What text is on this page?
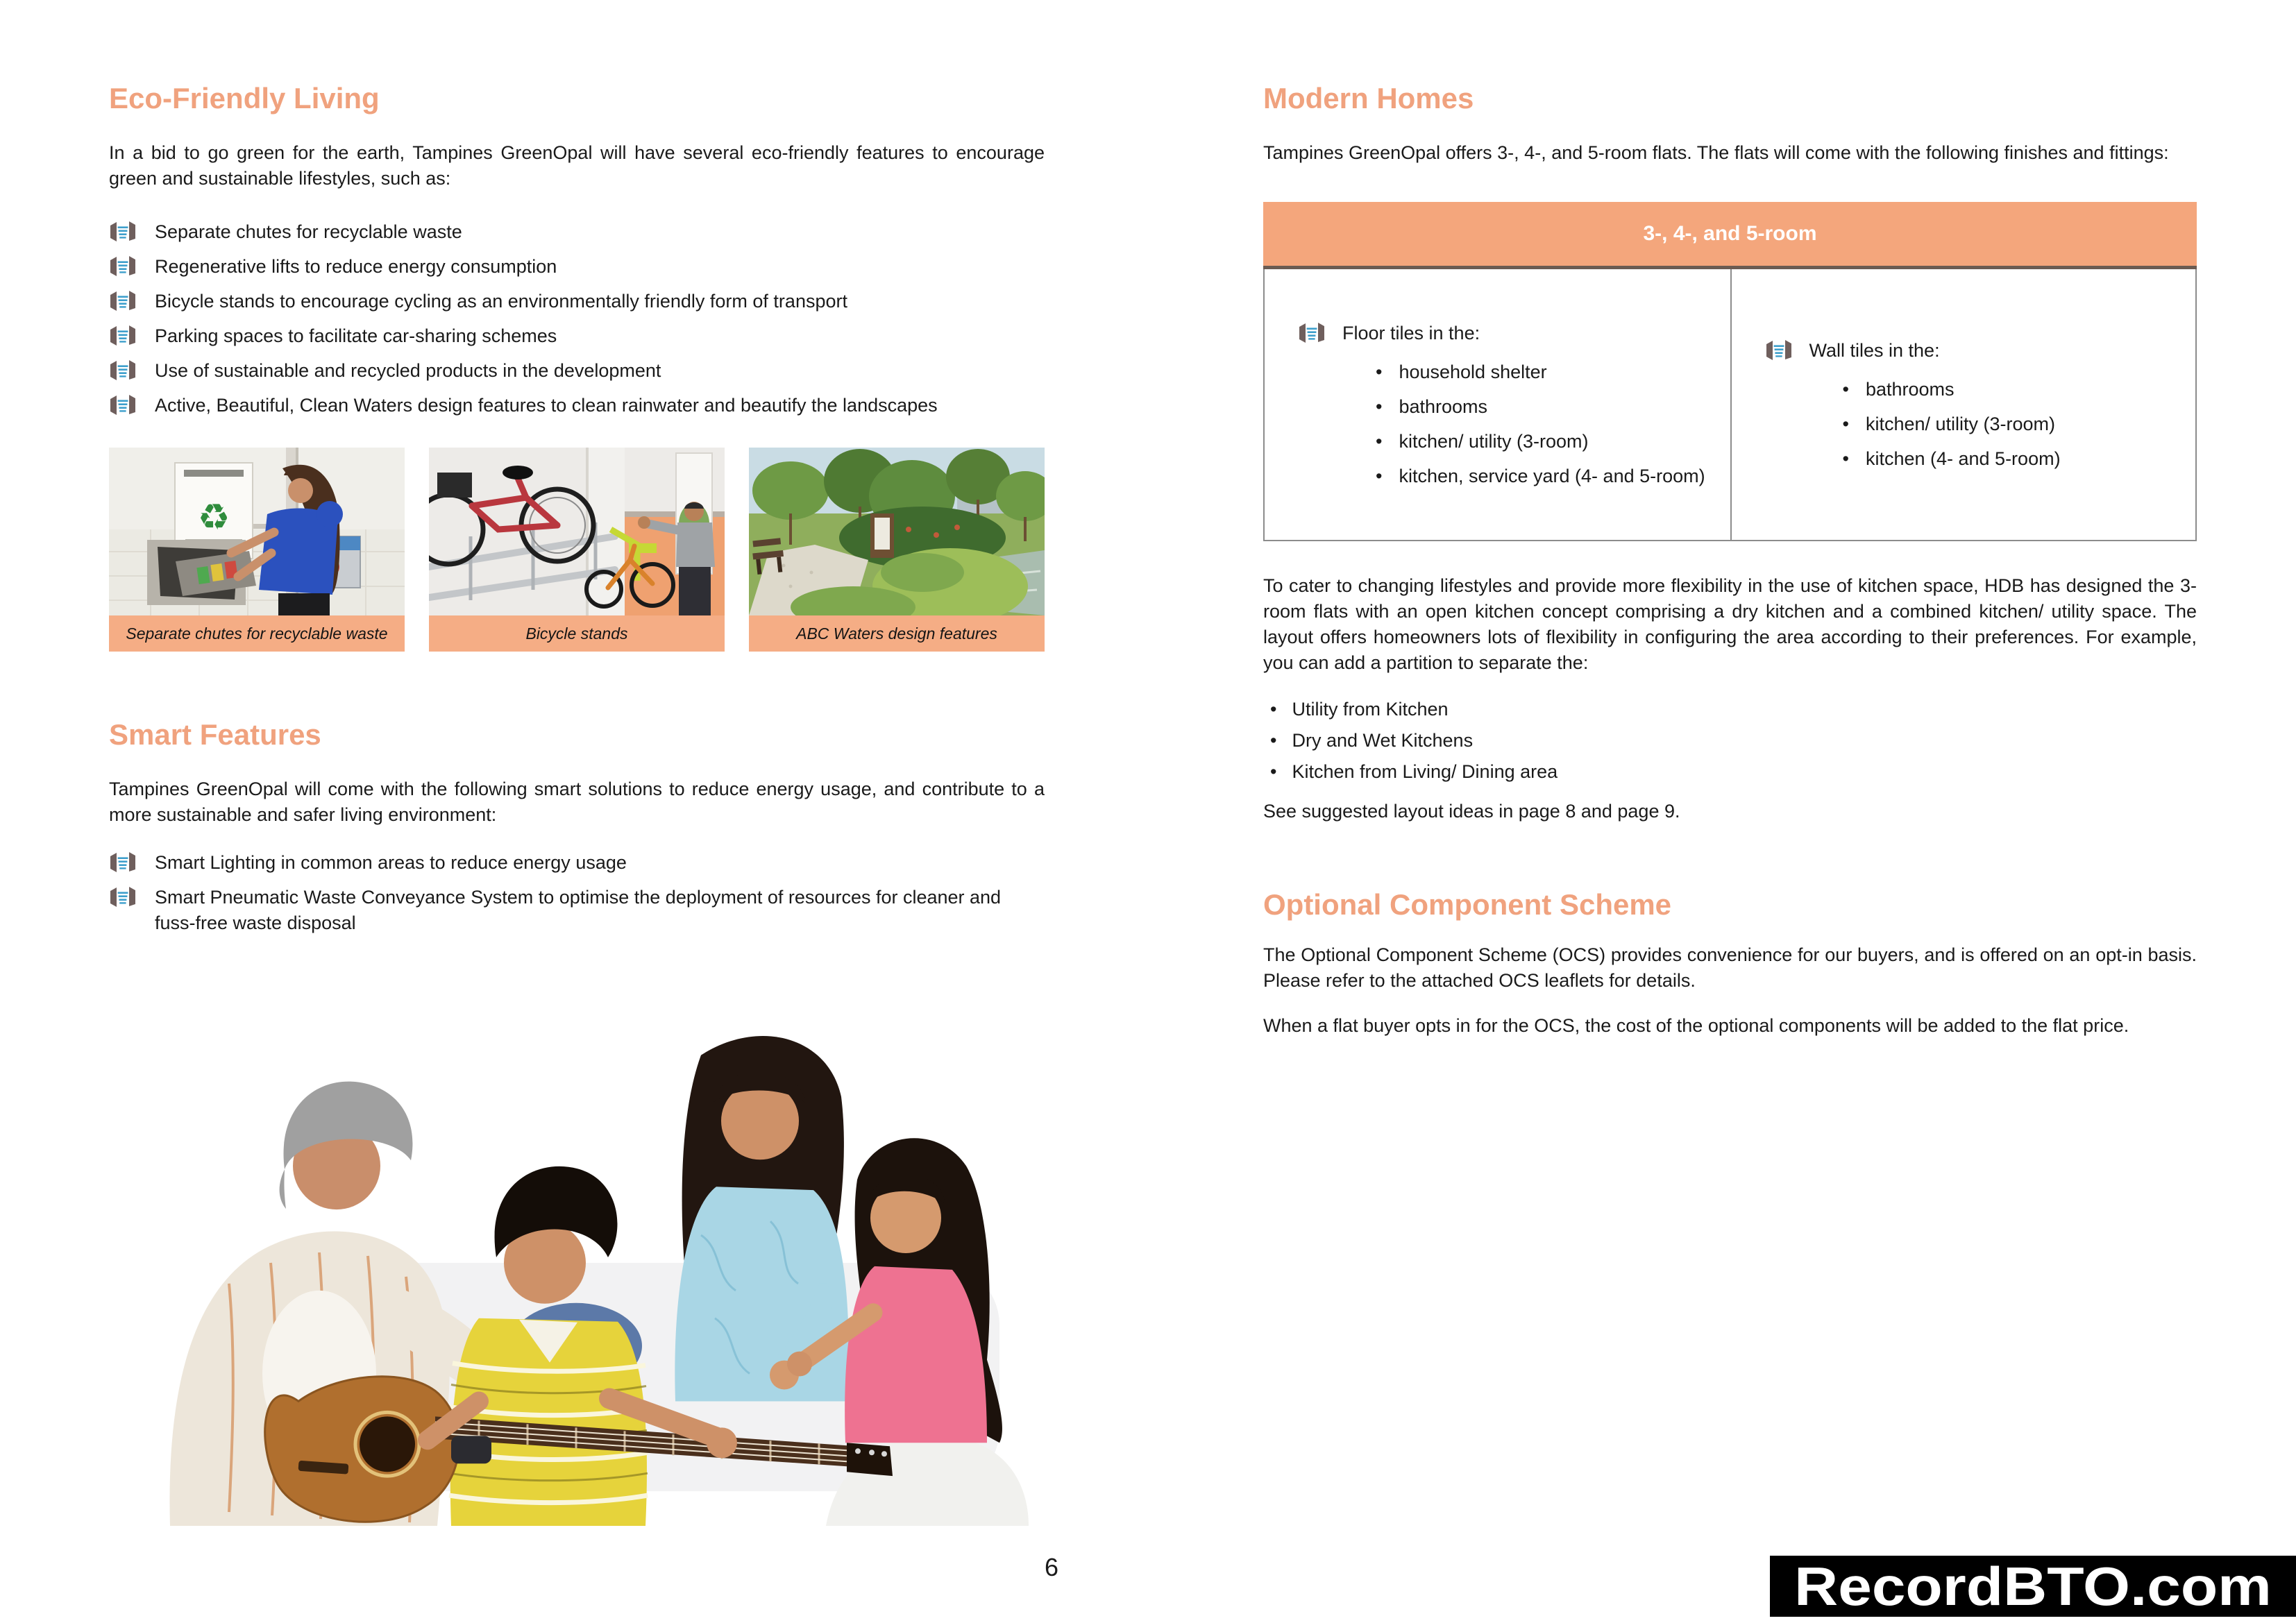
Eco-Friendly Living

In a bid to go green for the earth, Tampines GreenOpal will have several eco-friendly features to encourage green and sustainable lifestyles, such as:

Separate chutes for recyclable waste
Regenerative lifts to reduce energy consumption
Bicycle stands to encourage cycling as an environmentally friendly form of transport
Parking spaces to facilitate car-sharing schemes
Use of sustainable and recycled products in the development
Active, Beautiful, Clean Waters design features to clean rainwater and beautify the landscapes
♻
Separate chutes for recyclable waste	Bicycle stands	ABC Waters design features
Smart Features

Tampines GreenOpal will come with the following smart solutions to reduce energy usage, and contribute to a more sustainable and safer living environment:

Smart Lighting in common areas to reduce energy usage
Smart Pneumatic Waste Conveyance System to optimise the deployment of resources for cleaner and fuss-free waste disposal
Modern Homes

Tampines GreenOpal offers 3-, 4-, and 5-room flats. The flats will come with the following finishes and fittings:

3-, 4-, and 5-room
Floor tiles in the:
• household shelter
• bathrooms
• kitchen/ utility (3-room)
• kitchen, service yard (4- and 5-room)
Wall tiles in the:
• bathrooms
• kitchen/ utility (3-room)
• kitchen (4- and 5-room)

To cater to changing lifestyles and provide more flexibility in the use of kitchen space, HDB has designed the 3-room flats with an open kitchen concept comprising a dry kitchen and a combined kitchen/ utility space. The layout offers homeowners lots of flexibility in configuring the area according to their preferences. For example, you can add a partition to separate the:

• Utility from Kitchen
• Dry and Wet Kitchens
• Kitchen from Living/ Dining area

See suggested layout ideas in page 8 and page 9.

Optional Component Scheme

The Optional Component Scheme (OCS) provides convenience for our buyers, and is offered on an opt-in basis. Please refer to the attached OCS leaflets for details.

When a flat buyer opts in for the OCS, the cost of the optional components will be added to the flat price.

6	RecordBTO.com
